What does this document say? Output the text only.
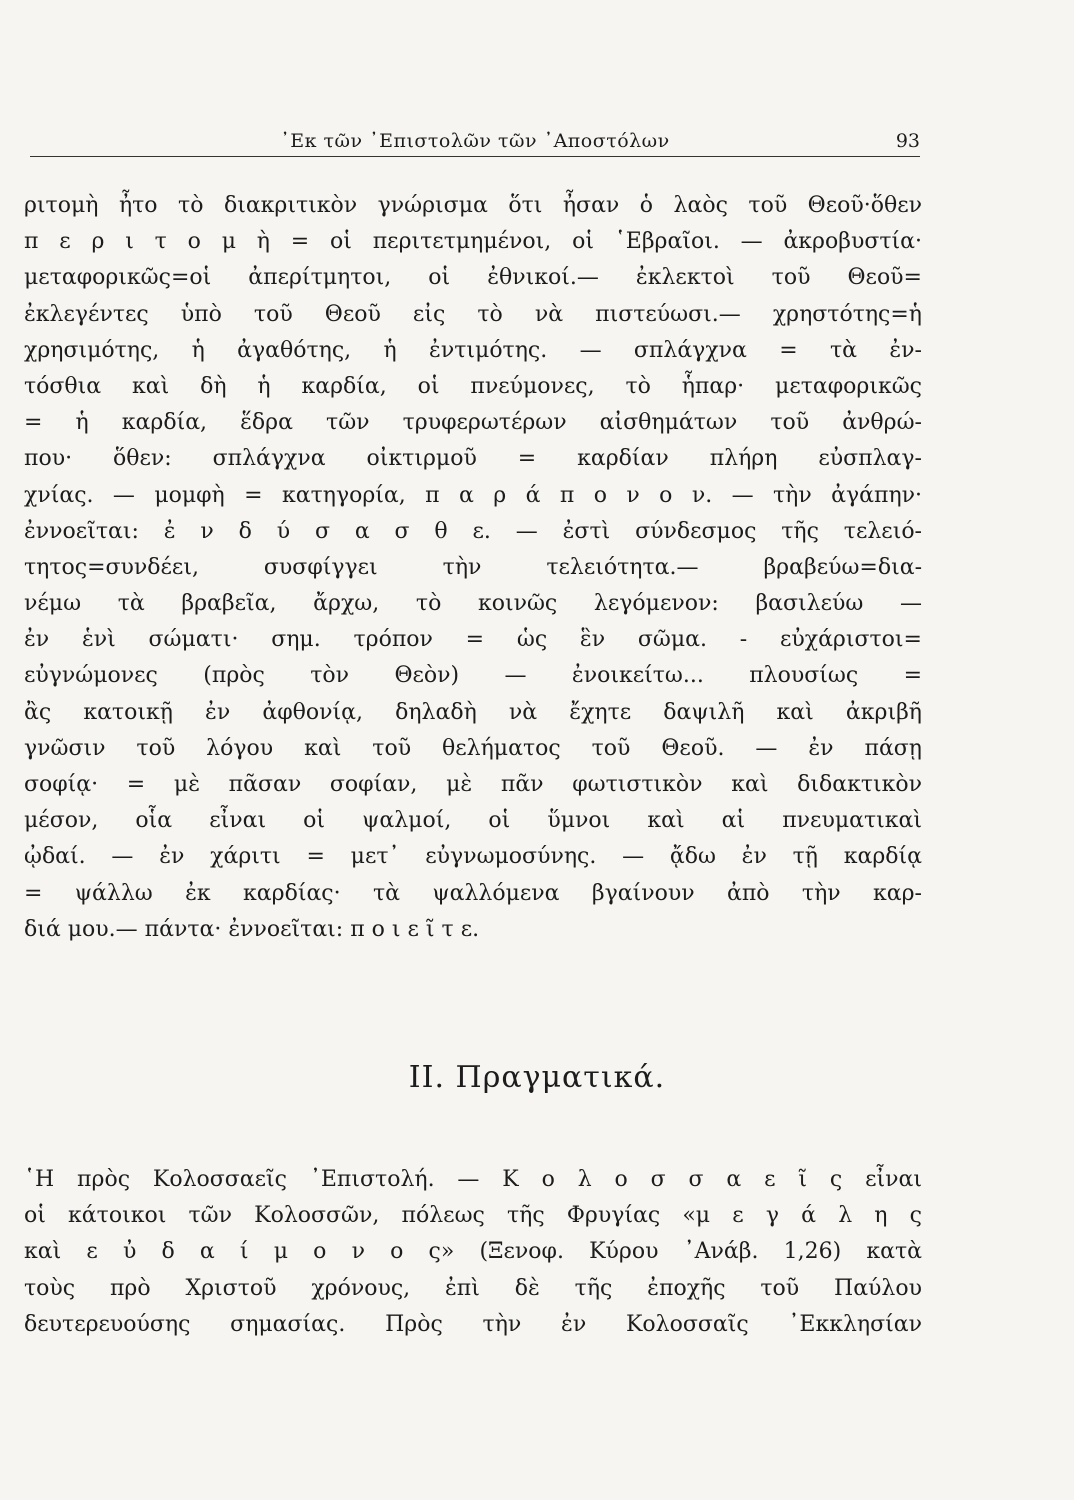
᾿Εκ τῶν ᾿Επιστολῶν τῶν ᾿Αποστόλων	93
ριτομὴ ἦτο τὸ διακριτικὸν γνώρισμα ὅτι ἦσαν ὁ λαὸς τοῦ Θεοῦ·ὅθεν
π ε ρ ι τ ο μ ὴ = οἱ περιτετμημένοι, οἱ ῾Εβραῖοι. — ἀκροβυστία·
μεταφορικῶς=οἱ ἀπερίτμητοι, οἱ ἐθνικοί.— ἐκλεκτοὶ τοῦ Θεοῦ=
ἐκλεγέντες ὑπὸ τοῦ Θεοῦ εἰς τὸ νὰ πιστεύωσι.— χρηστότης=ἡ
χρησιμότης, ἡ ἀγαθότης, ἡ ἐντιμότης. — σπλάγχνα = τὰ ἐν-
τόσθια καὶ δὴ ἡ καρδία, οἱ πνεύμονες, τὸ ἧπαρ· μεταφορικῶς
= ἡ καρδία, ἕδρα τῶν τρυφερωτέρων αἰσθημάτων τοῦ ἀνθρώ-
που· ὅθεν: σπλάγχνα οἰκτιρμοῦ = καρδίαν πλήρη εὐσπλαγ-
χνίας. — μομφὴ = κατηγορία, π α ρ ά π ο ν ο ν. — τὴν ἀγάπην·
ἐννοεῖται: ἐ ν δ ύ σ α σ θ ε. — ἐστὶ σύνδεσμος τῆς τελειό-
τητος=συνδέει, συσφίγγει τὴν τελειότητα.— βραβεύω=δια-
νέμω τὰ βραβεῖα, ἄρχω, τὸ κοινῶς λεγόμενον: βασιλεύω —
ἐν ἑνὶ σώματι· σημ. τρόπον = ὡς ἓν σῶμα. - εὐχάριστοι=
εὐγνώμονες (πρὸς τὸν Θεὸν) — ἐνοικείτω... πλουσίως =
ἂς κατοικῇ ἐν ἀφθονίᾳ, δηλαδὴ νὰ ἔχητε δαψιλῆ καὶ ἀκριβῆ
γνῶσιν τοῦ λόγου καὶ τοῦ θελήματος τοῦ Θεοῦ. — ἐν πάσῃ
σοφίᾳ· = μὲ πᾶσαν σοφίαν, μὲ πᾶν φωτιστικὸν καὶ διδακτικὸν
μέσον, οἷα εἶναι οἱ ψαλμοί, οἱ ὕμνοι καὶ αἱ πνευματικαὶ
ᾠδαί. — ἐν χάριτι = μετ᾽ εὐγνωμοσύνης. — ᾄδω ἐν τῇ καρδίᾳ
= ψάλλω ἐκ καρδίας· τὰ ψαλλόμενα βγαίνουν ἀπὸ τὴν καρ-
διά μου.— πάντα· ἐννοεῖται: π ο ι ε ῖ τ ε.
II. Πραγματικά.
῾Η πρὸς Κολοσσαεῖς ᾿Επιστολή. — Κ ο λ ο σ σ α ε ῖ ς εἶναι
οἱ κάτοικοι τῶν Κολοσσῶν, πόλεως τῆς Φρυγίας «μ ε γ ά λ η ς
καὶ ε ὐ δ α ί μ ο ν ο ς» (Ξενοφ. Κύρου ᾿Ανάβ. 1,26) κατὰ
τοὺς πρὸ Χριστοῦ χρόνους, ἐπὶ δὲ τῆς ἐποχῆς τοῦ Παύλου
δευτερευούσης σημασίας. Πρὸς τὴν ἐν Κολοσσαῖς ᾿Εκκλησίαν
